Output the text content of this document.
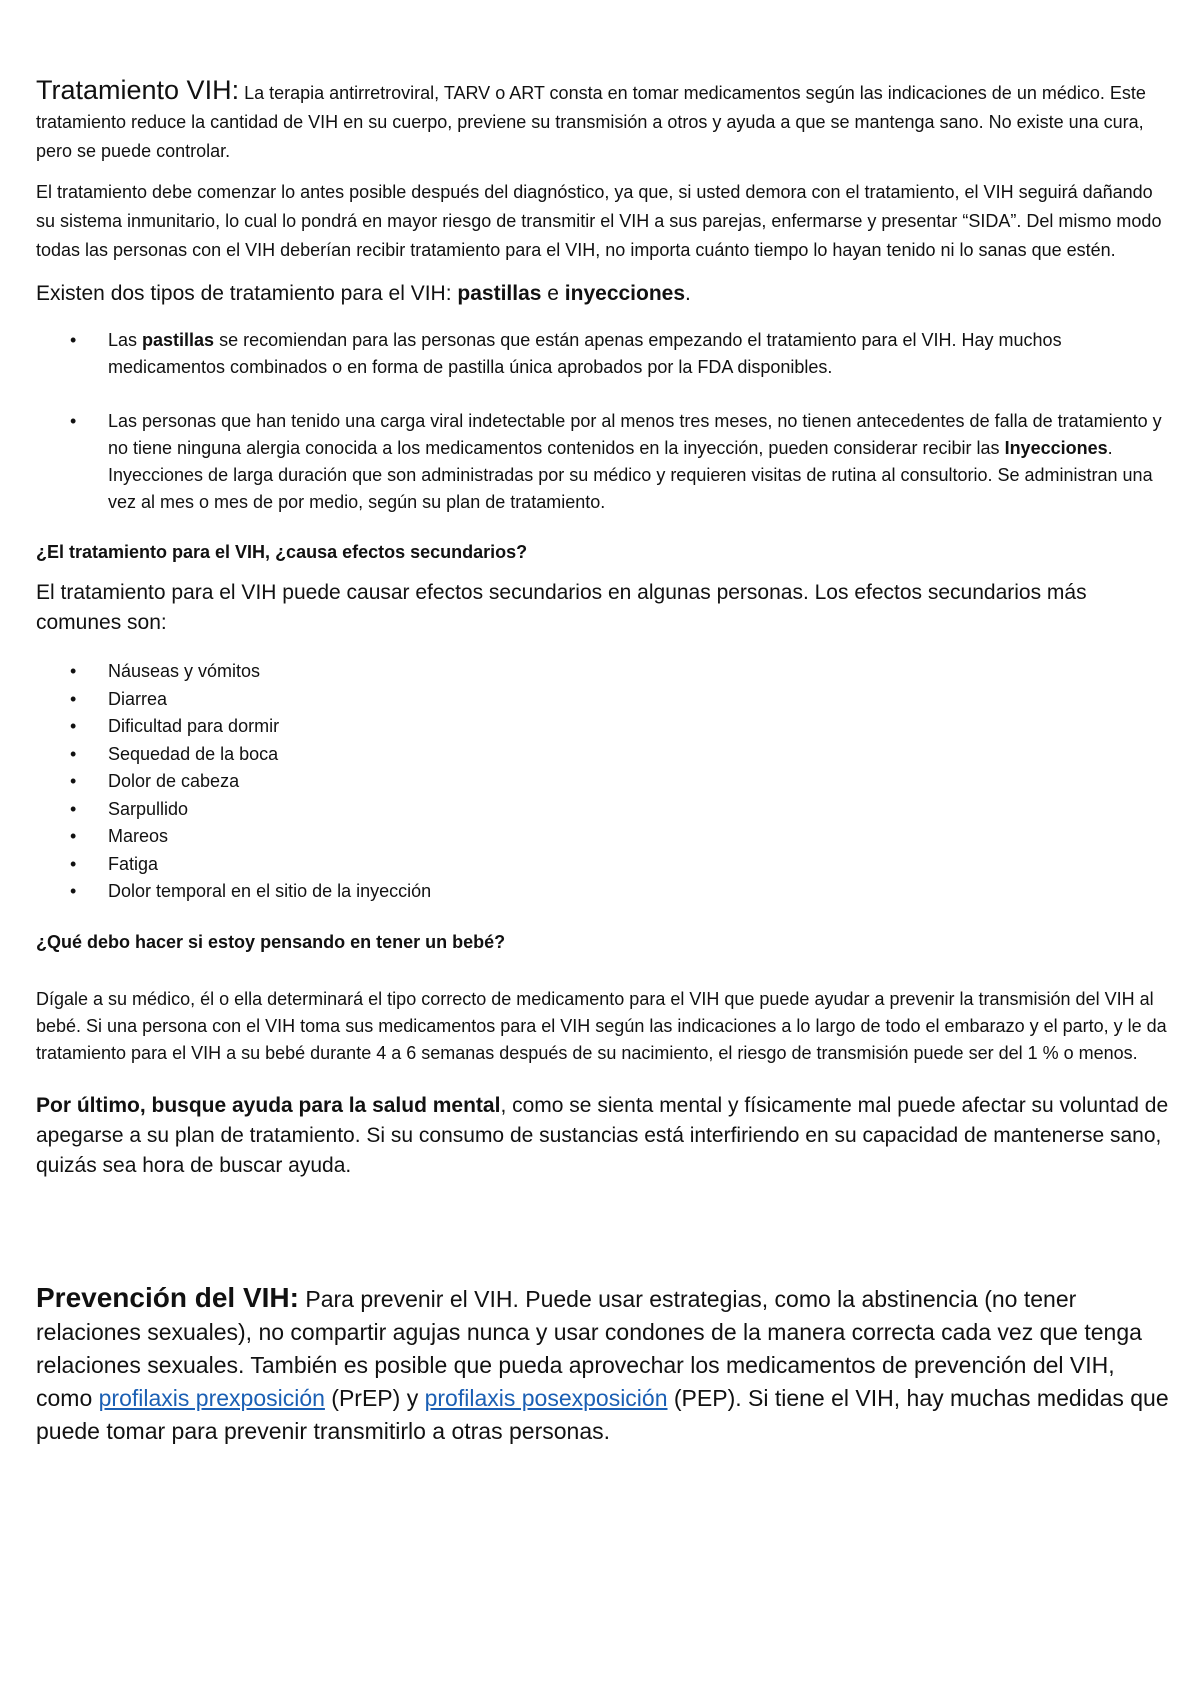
Tratamiento VIH: La terapia antirretroviral, TARV o ART consta en tomar medicamentos según las indicaciones de un médico. Este tratamiento reduce la cantidad de VIH en su cuerpo, previene su transmisión a otros y ayuda a que se mantenga sano. No existe una cura, pero se puede controlar.

El tratamiento debe comenzar lo antes posible después del diagnóstico, ya que, si usted demora con el tratamiento, el VIH seguirá dañando su sistema inmunitario, lo cual lo pondrá en mayor riesgo de transmitir el VIH a sus parejas, enfermarse y presentar “SIDA”. Del mismo modo todas las personas con el VIH deberían recibir tratamiento para el VIH, no importa cuánto tiempo lo hayan tenido ni lo sanas que estén.

Existen dos tipos de tratamiento para el VIH: pastillas e inyecciones.

• Las pastillas se recomiendan para las personas que están apenas empezando el tratamiento para el VIH. Hay muchos medicamentos combinados o en forma de pastilla única aprobados por la FDA disponibles.
• Las personas que han tenido una carga viral indetectable por al menos tres meses, no tienen antecedentes de falla de tratamiento y no tiene ninguna alergia conocida a los medicamentos contenidos en la inyección, pueden considerar recibir las Inyecciones. Inyecciones de larga duración que son administradas por su médico y requieren visitas de rutina al consultorio. Se administran una vez al mes o mes de por medio, según su plan de tratamiento.

¿El tratamiento para el VIH, ¿causa efectos secundarios?

El tratamiento para el VIH puede causar efectos secundarios en algunas personas. Los efectos secundarios más comunes son:

• Náuseas y vómitos
• Diarrea
• Dificultad para dormir
• Sequedad de la boca
• Dolor de cabeza
• Sarpullido
• Mareos
• Fatiga
• Dolor temporal en el sitio de la inyección

¿Qué debo hacer si estoy pensando en tener un bebé?

Dígale a su médico, él o ella determinará el tipo correcto de medicamento para el VIH que puede ayudar a prevenir la transmisión del VIH al bebé. Si una persona con el VIH toma sus medicamentos para el VIH según las indicaciones a lo largo de todo el embarazo y el parto, y le da tratamiento para el VIH a su bebé durante 4 a 6 semanas después de su nacimiento, el riesgo de transmisión puede ser del 1 % o menos.

Por último, busque ayuda para la salud mental, como se sienta mental y físicamente mal puede afectar su voluntad de apegarse a su plan de tratamiento. Si su consumo de sustancias está interfiriendo en su capacidad de mantenerse sano, quizás sea hora de buscar ayuda.

Prevención del VIH: Para prevenir el VIH. Puede usar estrategias, como la abstinencia (no tener relaciones sexuales), no compartir agujas nunca y usar condones de la manera correcta cada vez que tenga relaciones sexuales. También es posible que pueda aprovechar los medicamentos de prevención del VIH, como profilaxis prexposición (PrEP) y profilaxis posexposición (PEP). Si tiene el VIH, hay muchas medidas que puede tomar para prevenir transmitirlo a otras personas.
